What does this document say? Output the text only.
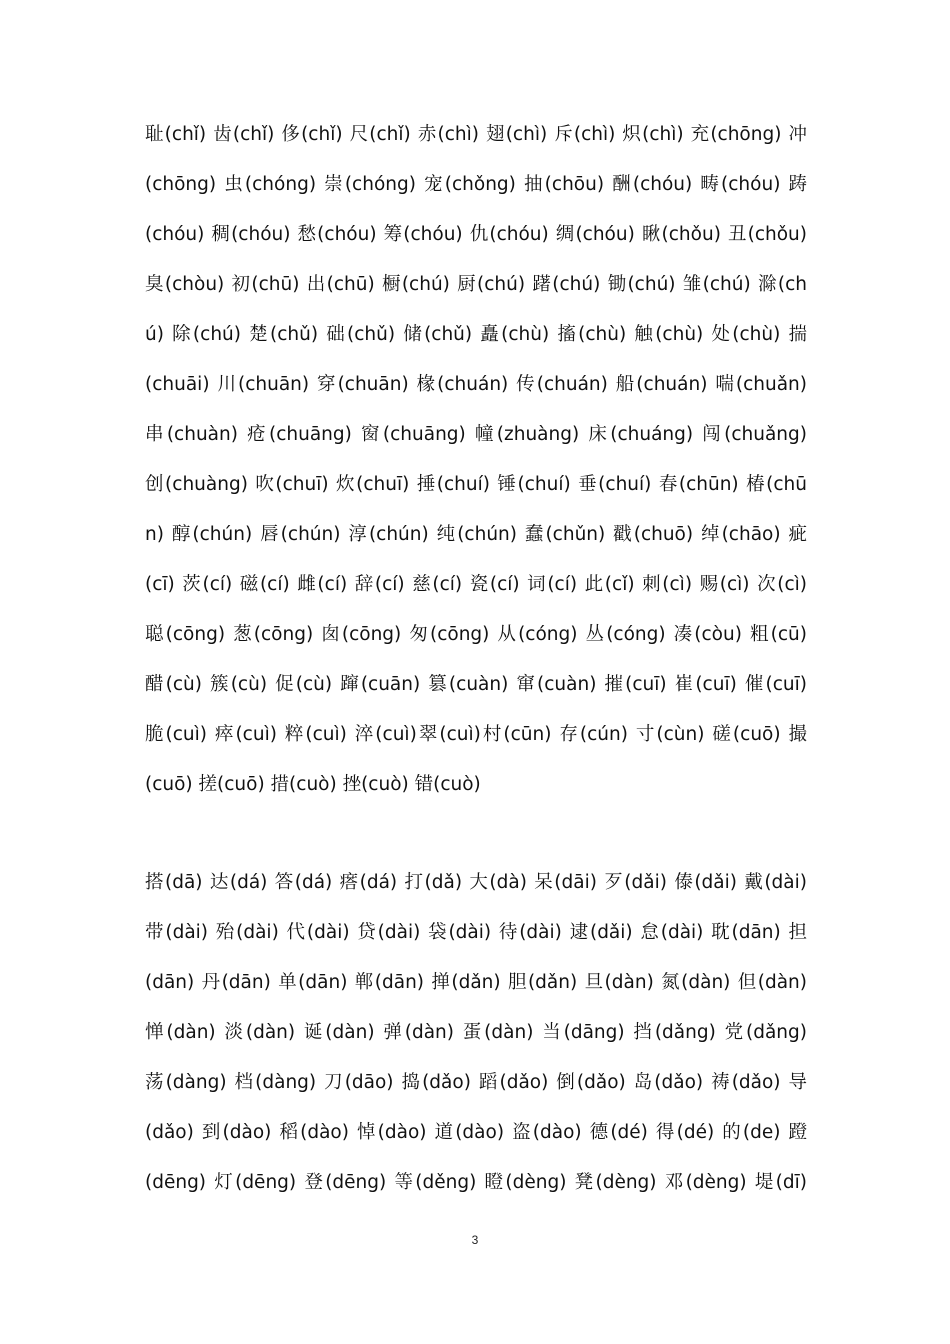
耻(chǐ) 齿(chǐ) 侈(chǐ) 尺(chǐ) 赤(chì) 翅(chì) 斥(chì) 炽(chì) 充(chōng) 冲
(chōng) 虫(chóng) 崇(chóng) 宠(chǒng) 抽(chōu) 酬(chóu) 畴(chóu) 踌
(chóu) 稠(chóu) 愁(chóu) 筹(chóu) 仇(chóu) 绸(chóu) 瞅(chǒu) 丑(chǒu)
臭(chòu) 初(chū) 出(chū) 橱(chú) 厨(chú) 躇(chú) 锄(chú) 雏(chú) 滁(ch
ú) 除(chú) 楚(chǔ) 础(chǔ) 储(chǔ) 矗(chù) 搐(chù) 触(chù) 处(chù) 揣
(chuāi) 川(chuān) 穿(chuān) 椽(chuán) 传(chuán) 船(chuán) 喘(chuǎn)
串(chuàn) 疮(chuāng) 窗(chuāng) 幢(zhuàng) 床(chuáng) 闯(chuǎng)
创(chuàng) 吹(chuī) 炊(chuī) 捶(chuí) 锤(chuí) 垂(chuí) 春(chūn) 椿(chū
n) 醇(chún) 唇(chún) 淳(chún) 纯(chún) 蠢(chǔn) 戳(chuō) 绰(chāo) 疵
(cī) 茨(cí) 磁(cí) 雌(cí) 辞(cí) 慈(cí) 瓷(cí) 词(cí) 此(cǐ) 刺(cì) 赐(cì) 次(cì)
聪(cōng) 葱(cōng) 囱(cōng) 匆(cōng) 从(cóng) 丛(cóng) 凑(còu) 粗(cū)
醋(cù) 簇(cù) 促(cù) 蹿(cuān) 篡(cuàn) 窜(cuàn) 摧(cuī) 崔(cuī) 催(cuī)
脆(cuì) 瘁(cuì) 粹(cuì) 淬(cuì)翠(cuì)村(cūn) 存(cún) 寸(cùn) 磋(cuō) 撮
(cuō) 搓(cuō) 措(cuò) 挫(cuò) 错(cuò)
搭(dā) 达(dá) 答(dá) 瘩(dá) 打(dǎ) 大(dà) 呆(dāi) 歹(dǎi) 傣(dǎi) 戴(dài)
带(dài) 殆(dài) 代(dài) 贷(dài) 袋(dài) 待(dài) 逮(dǎi) 怠(dài) 耽(dān) 担
(dān) 丹(dān) 单(dān) 郸(dān) 掸(dǎn) 胆(dǎn) 旦(dàn) 氮(dàn) 但(dàn)
惮(dàn) 淡(dàn) 诞(dàn) 弹(dàn) 蛋(dàn) 当(dāng) 挡(dǎng) 党(dǎng)
荡(dàng) 档(dàng) 刀(dāo) 捣(dǎo) 蹈(dǎo) 倒(dǎo) 岛(dǎo) 祷(dǎo) 导
(dǎo) 到(dào) 稻(dào) 悼(dào) 道(dào) 盗(dào) 德(dé) 得(dé) 的(de) 蹬
(dēng) 灯(dēng) 登(dēng) 等(děng) 瞪(dèng) 凳(dèng) 邓(dèng) 堤(dī)
3
